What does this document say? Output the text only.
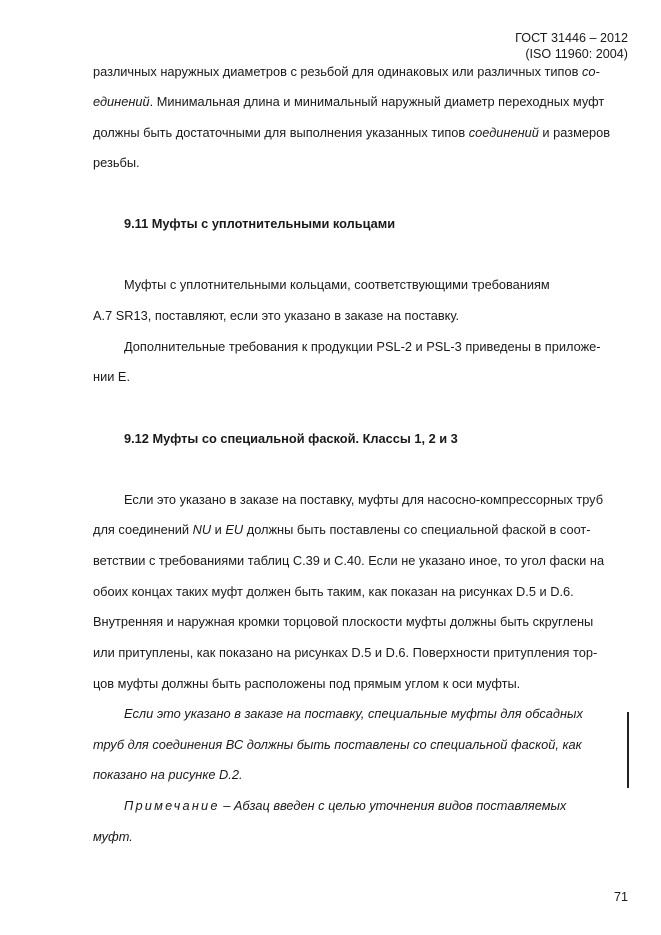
ГОСТ 31446 – 2012
(ISO 11960: 2004)
различных наружных диаметров с резьбой для одинаковых или различных типов со-
единений. Минимальная длина и минимальный наружный диаметр переходных муфт
должны быть достаточными для выполнения указанных типов соединений и размеров
резьбы.
9.11 Муфты с уплотнительными кольцами
Муфты с уплотнительными кольцами, соответствующими требованиям
А.7 SR13, поставляют, если это указано в заказе на поставку.
Дополнительные требования к продукции PSL-2 и PSL-3 приведены в приложе-
нии Е.
9.12 Муфты со специальной фаской. Классы 1, 2 и 3
Если это указано в заказе на поставку, муфты для насосно-компрессорных труб
для соединений NU и EU должны быть поставлены со специальной фаской в соот-
ветствии с требованиями таблиц С.39 и С.40. Если не указано иное, то угол фаски на
обоих концах таких муфт должен быть таким, как показан на рисунках D.5 и D.6.
Внутренняя и наружная кромки торцовой плоскости муфты должны быть скруглены
или притуплены, как показано на рисунках D.5 и D.6. Поверхности притупления тор-
цов муфты должны быть расположены под прямым углом к оси муфты.
Если это указано в заказе на поставку, специальные муфты для обсадных
труб для соединения ВС должны быть поставлены со специальной фаской, как
показано на рисунке D.2.
Примечание – Абзац введен с целью уточнения видов поставляемых
муфт.
71
